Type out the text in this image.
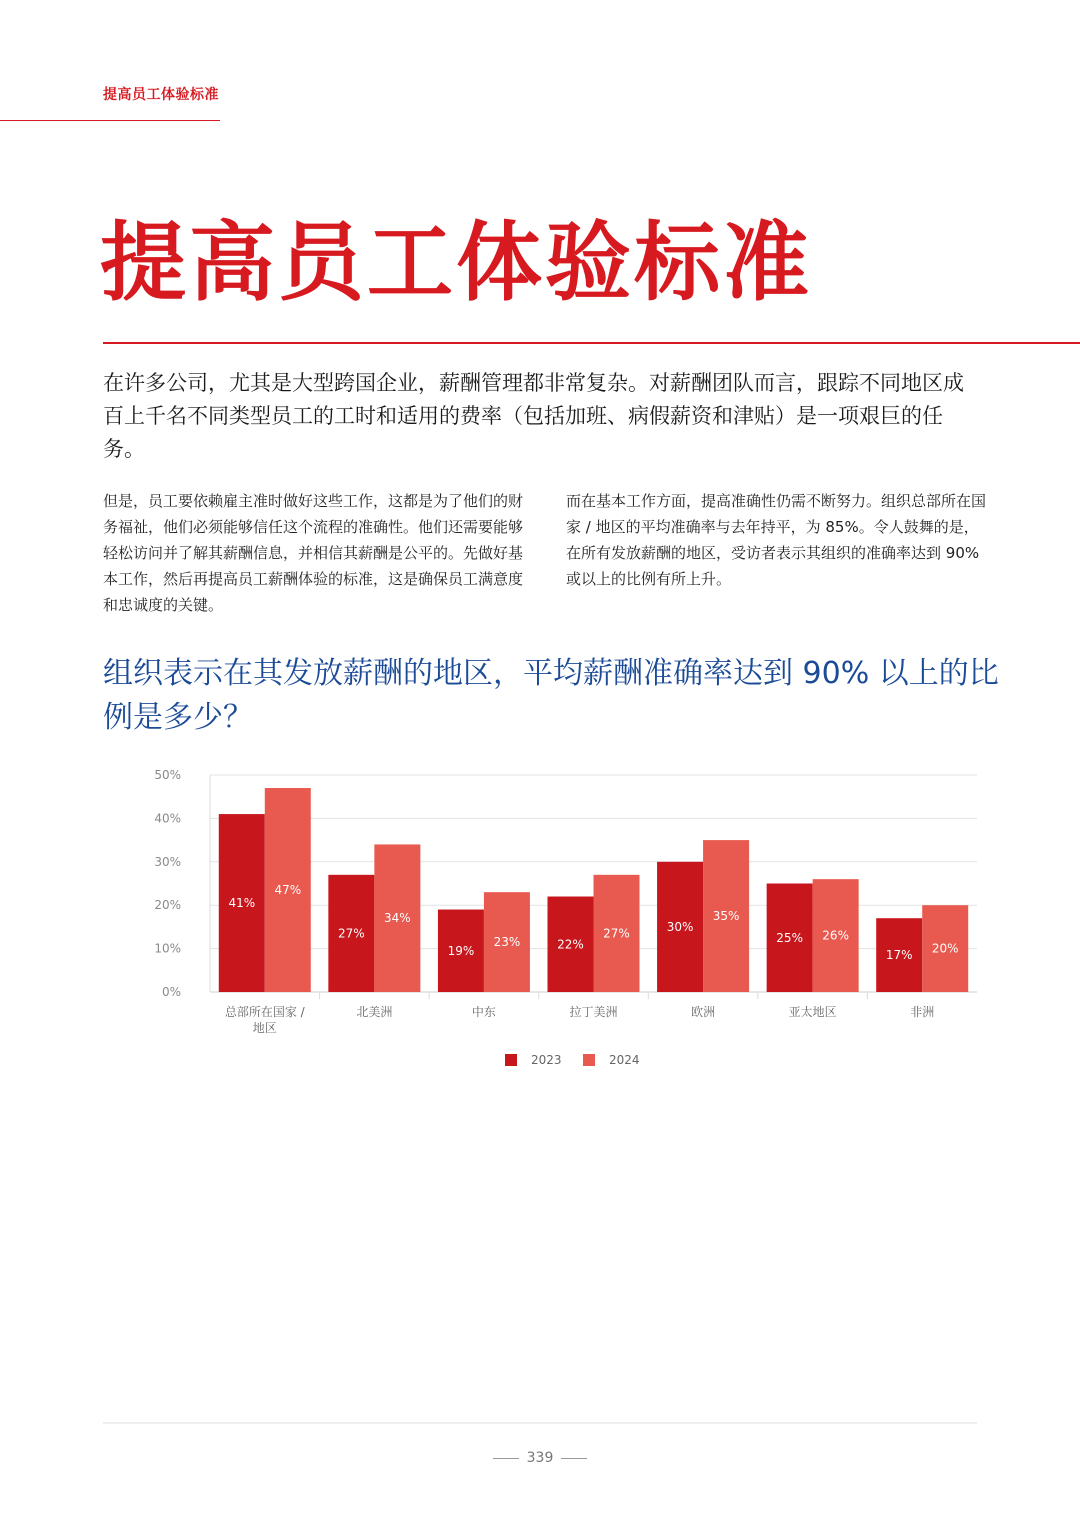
提高员工体验标准
提高员工体验标准
在许多公司，尤其是大型跨国企业，薪酬管理都非常复杂。对薪酬团队而言，跟踪不同地区成百上千名不同类型员工的工时和适用的费率（包括加班、病假薪资和津贴）是一项艰巨的任务。
但是，员工要依赖雇主准时做好这些工作，这都是为了他们的财务福祉，他们必须能够信任这个流程的准确性。他们还需要能够轻松访问并了解其薪酬信息，并相信其薪酬是公平的。先做好基本工作，然后再提高员工薪酬体验的标准，这是确保员工满意度和忠诚度的关键。
而在基本工作方面，提高准确性仍需不断努力。组织总部所在国家 / 地区的平均准确率与去年持平，为 85%。令人鼓舞的是，在所有发放薪酬的地区，受访者表示其组织的准确率达到 90% 或以上的比例有所上升。
组织表示在其发放薪酬的地区，平均薪酬准确率达到 90% 以上的比例是多少？
0%
10%
20%
30%
40%
50%
41%
47%
总部所在国家 /
地区
27%
34%
北美洲
19%
23%
中东
22%
27%
拉丁美洲
30%
35%
欧洲
25% 26%
亚太地区
17% 20%
非洲
2023	2024
339
